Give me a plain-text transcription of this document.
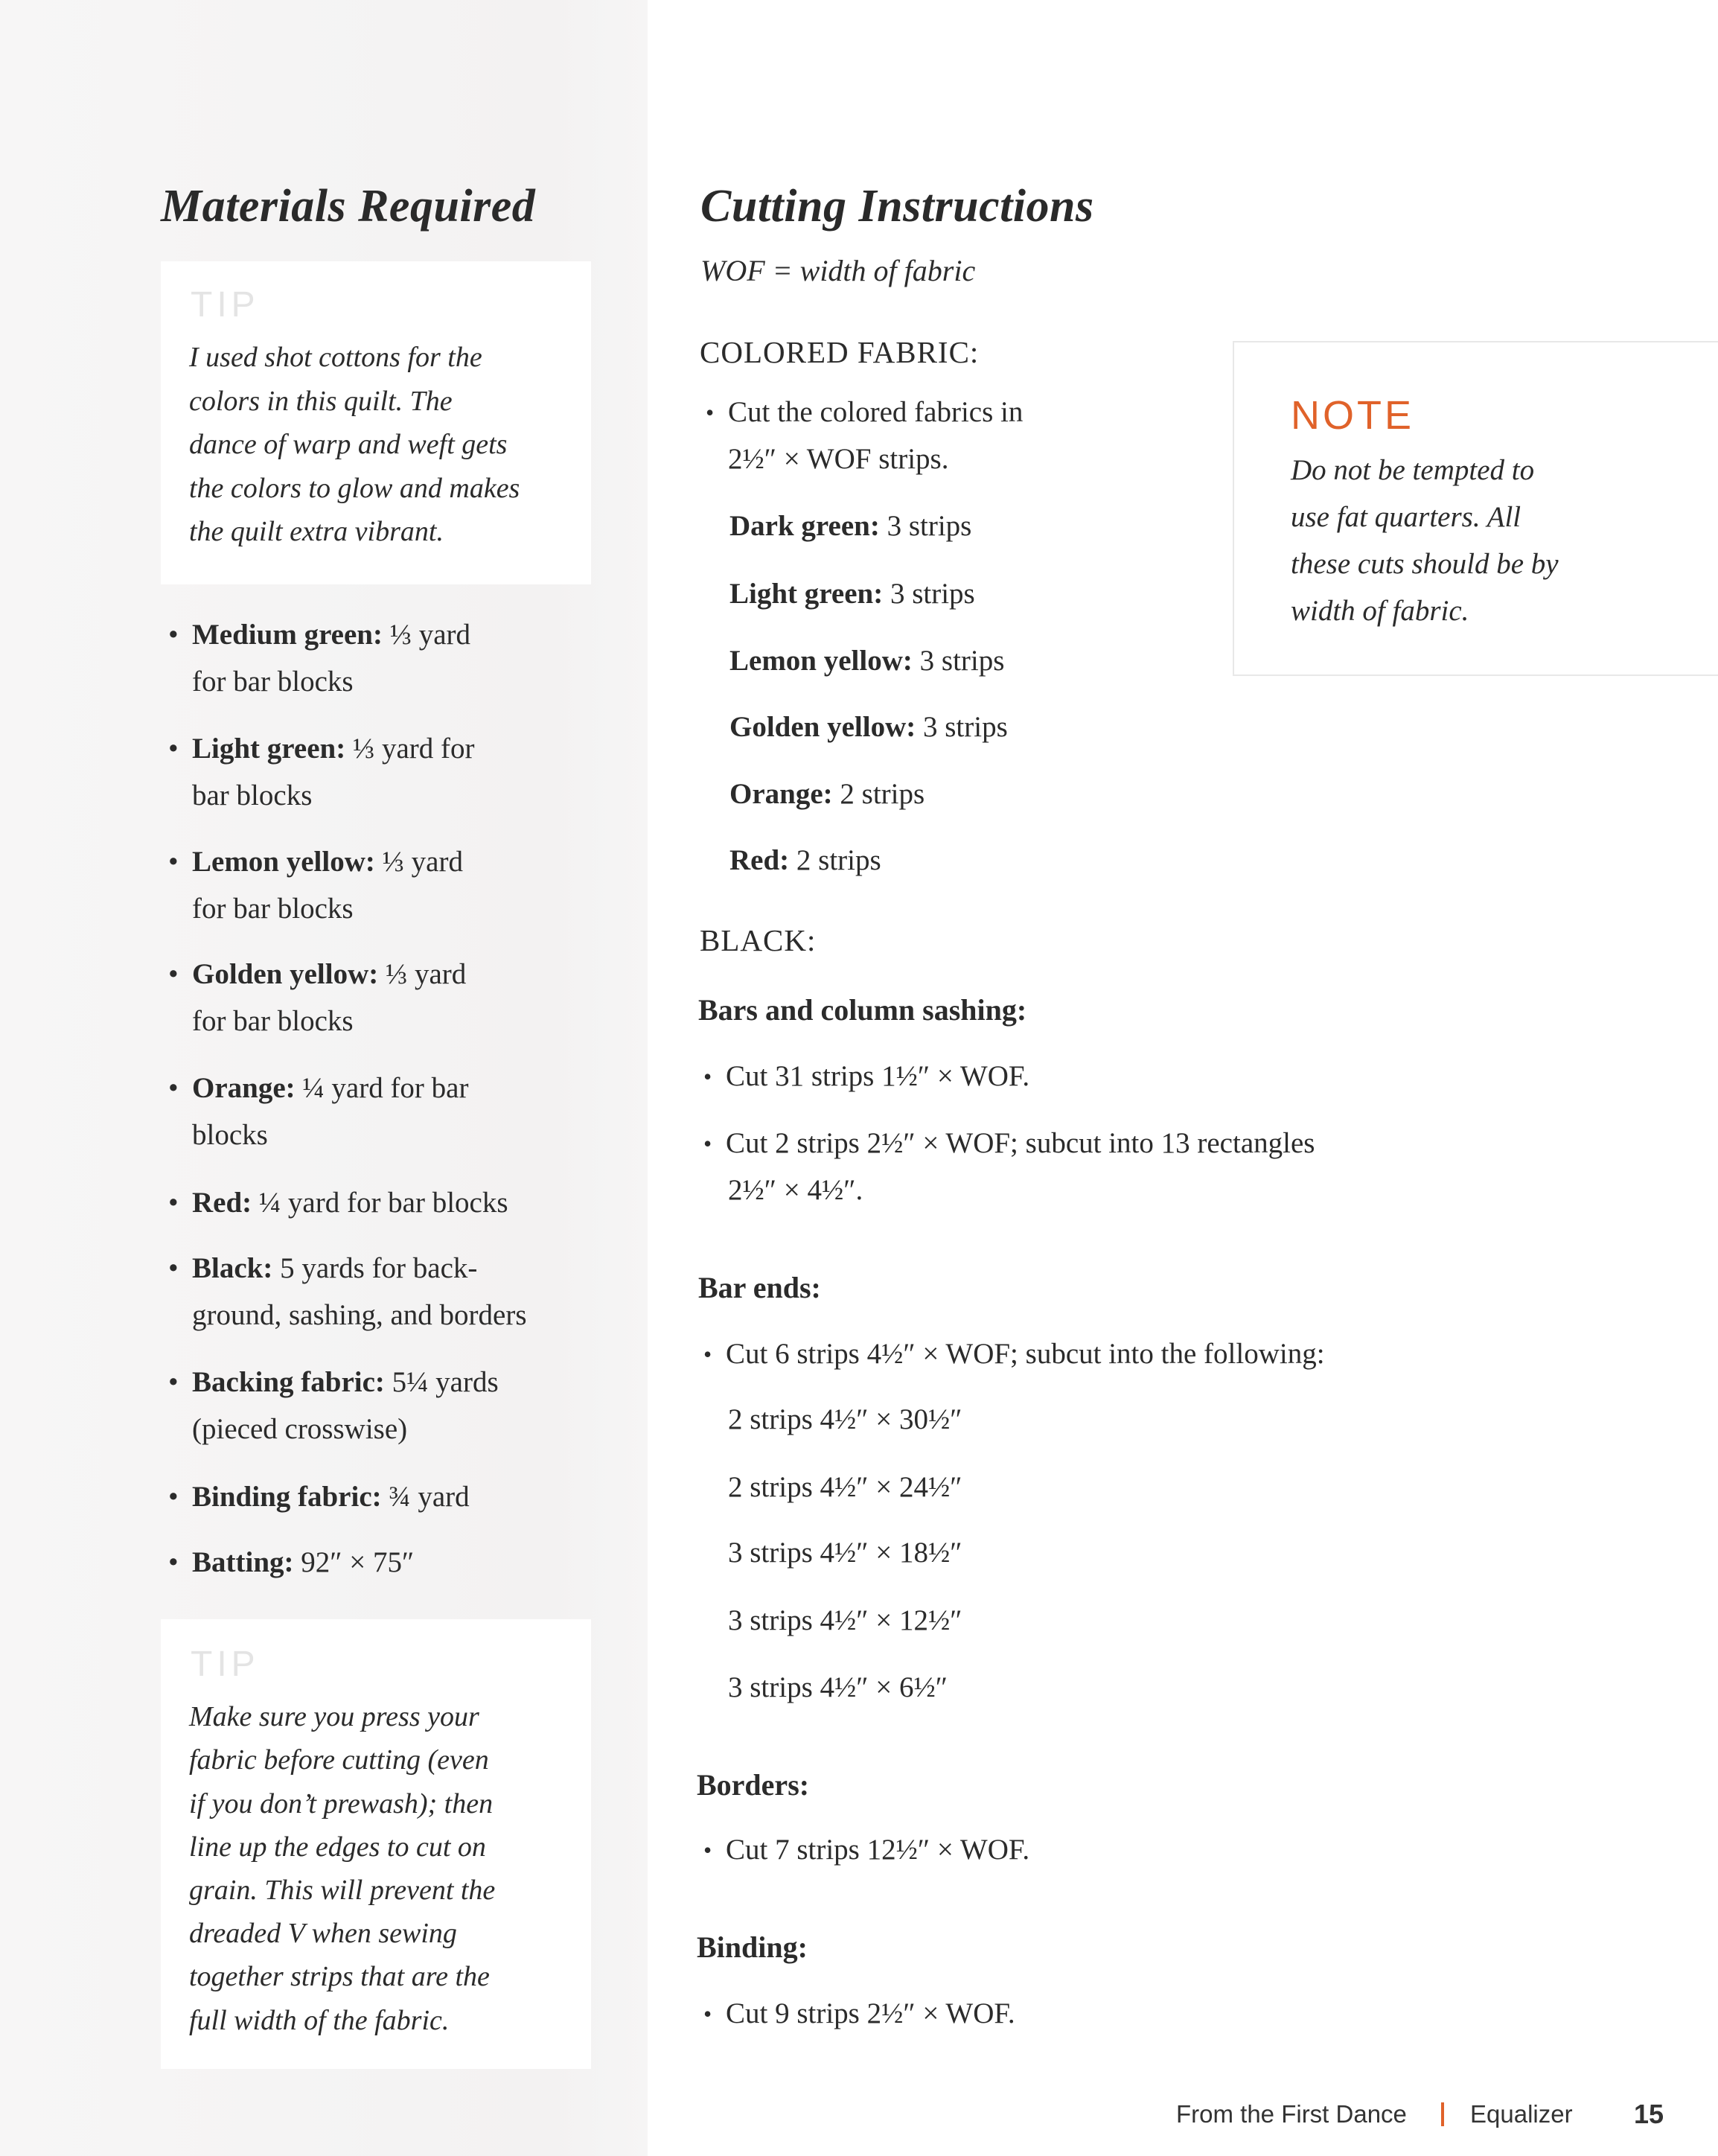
Materials Required
TIP
I used shot cottons for the
colors in this quilt. The
dance of warp and weft gets
the colors to glow and makes
the quilt extra vibrant.
• Medium green: ⅓ yard
for bar blocks
• Light green: ⅓ yard for
bar blocks
• Lemon yellow: ⅓ yard
for bar blocks
• Golden yellow: ⅓ yard
for bar blocks
• Orange: ¼ yard for bar
blocks
• Red: ¼ yard for bar blocks
• Black: 5 yards for back-
ground, sashing, and borders
• Backing fabric: 5¼ yards
(pieced crosswise)
• Binding fabric: ¾ yard
• Batting: 92″ × 75″
TIP
Make sure you press your
fabric before cutting (even
if you don’t prewash); then
line up the edges to cut on
grain. This will prevent the
dreaded V when sewing
together strips that are the
full width of the fabric.
Cutting Instructions
WOF = width of fabric
COLORED FABRIC:
• Cut the colored fabrics in
2½″ × WOF strips.
Dark green: 3 strips
Light green: 3 strips
Lemon yellow: 3 strips
Golden yellow: 3 strips
Orange: 2 strips
Red: 2 strips
BLACK:
Bars and column sashing:
• Cut 31 strips 1½″ × WOF.
• Cut 2 strips 2½″ × WOF; subcut into 13 rectangles
2½″ × 4½″.
Bar ends:
• Cut 6 strips 4½″ × WOF; subcut into the following:
2 strips 4½″ × 30½″
2 strips 4½″ × 24½″
3 strips 4½″ × 18½″
3 strips 4½″ × 12½″
3 strips 4½″ × 6½″
Borders:
• Cut 7 strips 12½″ × WOF.
Binding:
• Cut 9 strips 2½″ × WOF.
NOTE
Do not be tempted to
use fat quarters. All
these cuts should be by
width of fabric.
From the First Dance	Equalizer 15
